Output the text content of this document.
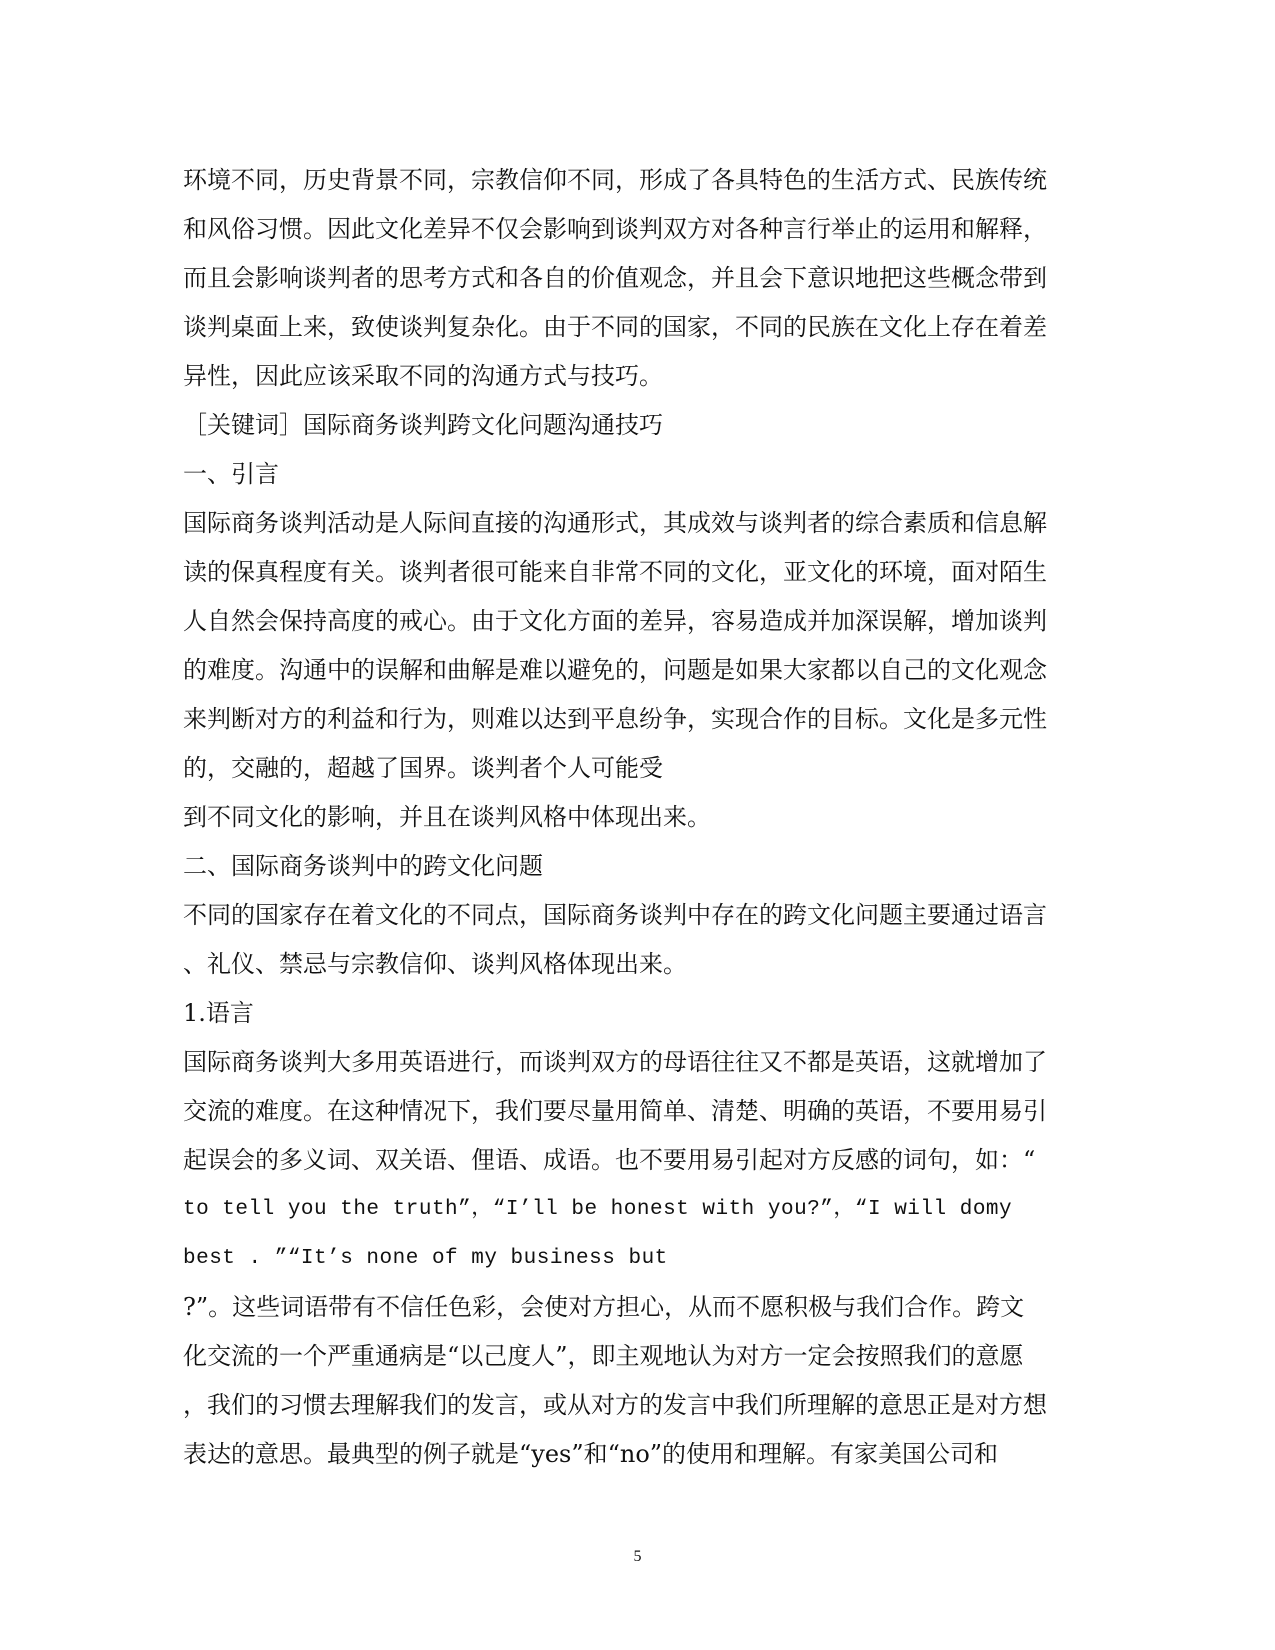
环境不同，历史背景不同，宗教信仰不同，形成了各具特色的生活方式、民族传统
和风俗习惯。因此文化差异不仅会影响到谈判双方对各种言行举止的运用和解释，
而且会影响谈判者的思考方式和各自的价值观念，并且会下意识地把这些概念带到
谈判桌面上来，致使谈判复杂化。由于不同的国家，不同的民族在文化上存在着差
异性，因此应该采取不同的沟通方式与技巧。
［关键词］国际商务谈判跨文化问题沟通技巧
一、引言
国际商务谈判活动是人际间直接的沟通形式，其成效与谈判者的综合素质和信息解
读的保真程度有关。谈判者很可能来自非常不同的文化，亚文化的环境，面对陌生
人自然会保持高度的戒心。由于文化方面的差异，容易造成并加深误解，增加谈判
的难度。沟通中的误解和曲解是难以避免的，问题是如果大家都以自己的文化观念
来判断对方的利益和行为，则难以达到平息纷争，实现合作的目标。文化是多元性
的，交融的，超越了国界。谈判者个人可能受
到不同文化的影响，并且在谈判风格中体现出来。
二、国际商务谈判中的跨文化问题
不同的国家存在着文化的不同点，国际商务谈判中存在的跨文化问题主要通过语言
、礼仪、禁忌与宗教信仰、谈判风格体现出来。
1.语言
国际商务谈判大多用英语进行，而谈判双方的母语往往又不都是英语，这就增加了
交流的难度。在这种情况下，我们要尽量用简单、清楚、明确的英语，不要用易引
起误会的多义词、双关语、俚语、成语。也不要用易引起对方反感的词句，如：“
to tell you the truth”，“I’ll be honest with you?”，“I will domy
best . ”“It’s none of my business but
?”。这些词语带有不信任色彩，会使对方担心，从而不愿积极与我们合作。跨文
化交流的一个严重通病是“以己度人”，即主观地认为对方一定会按照我们的意愿
，我们的习惯去理解我们的发言，或从对方的发言中我们所理解的意思正是对方想
表达的意思。最典型的例子就是“yes”和“no”的使用和理解。有家美国公司和
5
